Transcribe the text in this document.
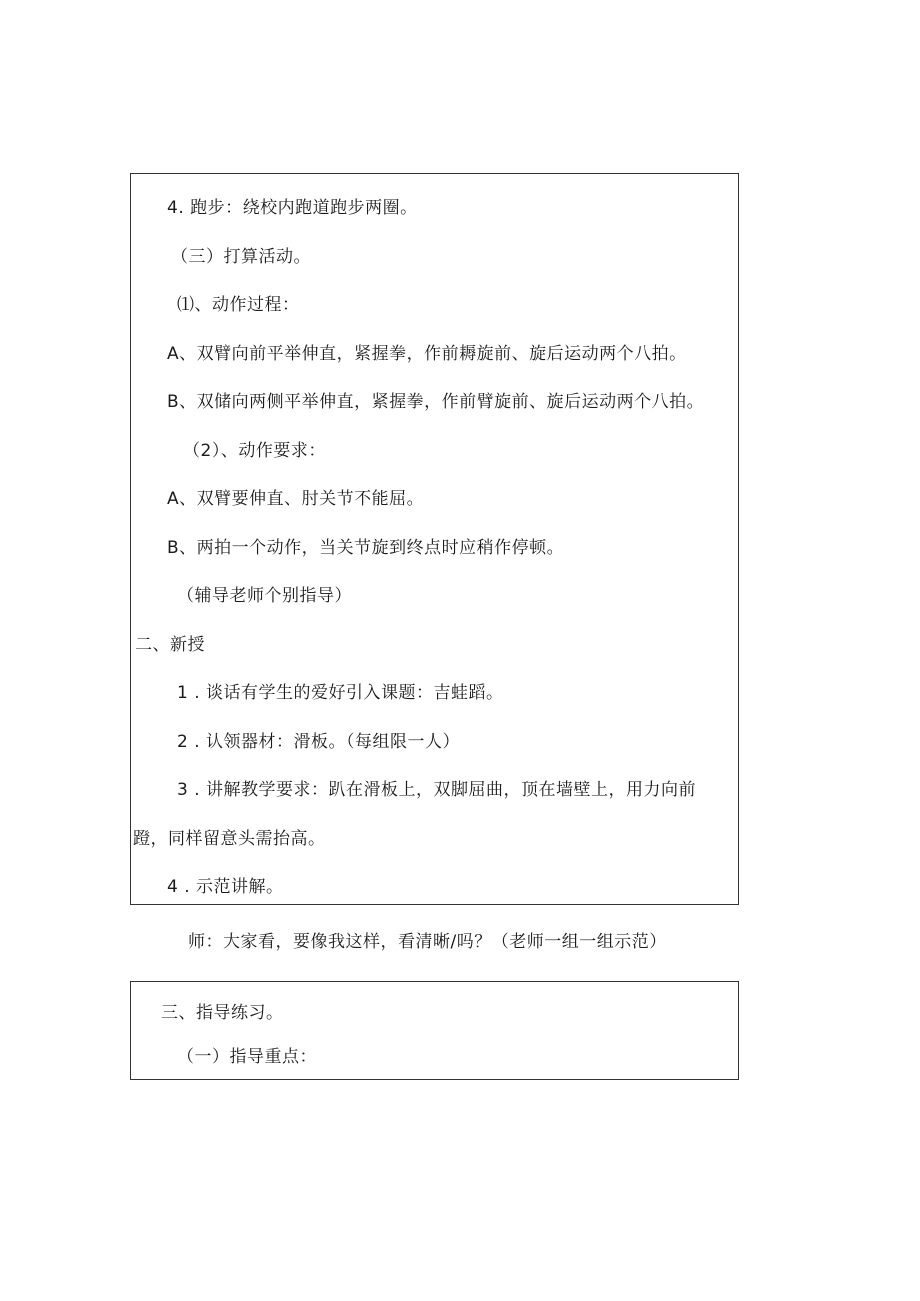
4. 跑步：绕校内跑道跑步两圈。
（三）打算活动。
⑴、动作过程：
A、双臂向前平举伸直，紧握拳，作前耨旋前、旋后运动两个八拍。
B、双储向两侧平举伸直，紧握拳，作前臂旋前、旋后运动两个八拍。
（2）、动作要求：
A、双臂要伸直、肘关节不能屈。
B、两拍一个动作，当关节旋到终点时应稍作停顿。
（辅导老师个别指导）
二、新授
1 . 谈话有学生的爱好引入课题：吉蛙蹈。
2 . 认领器材：滑板。（每组限一人）
3 . 讲解教学要求：趴在滑板上，双脚屈曲，顶在墙壁上，用力向前
蹬，同样留意头需抬高。
4 . 示范讲解。
师：大家看，要像我这样，看清晰/吗？（老师一组一组示范）
三、指导练习。
（一）指导重点：
